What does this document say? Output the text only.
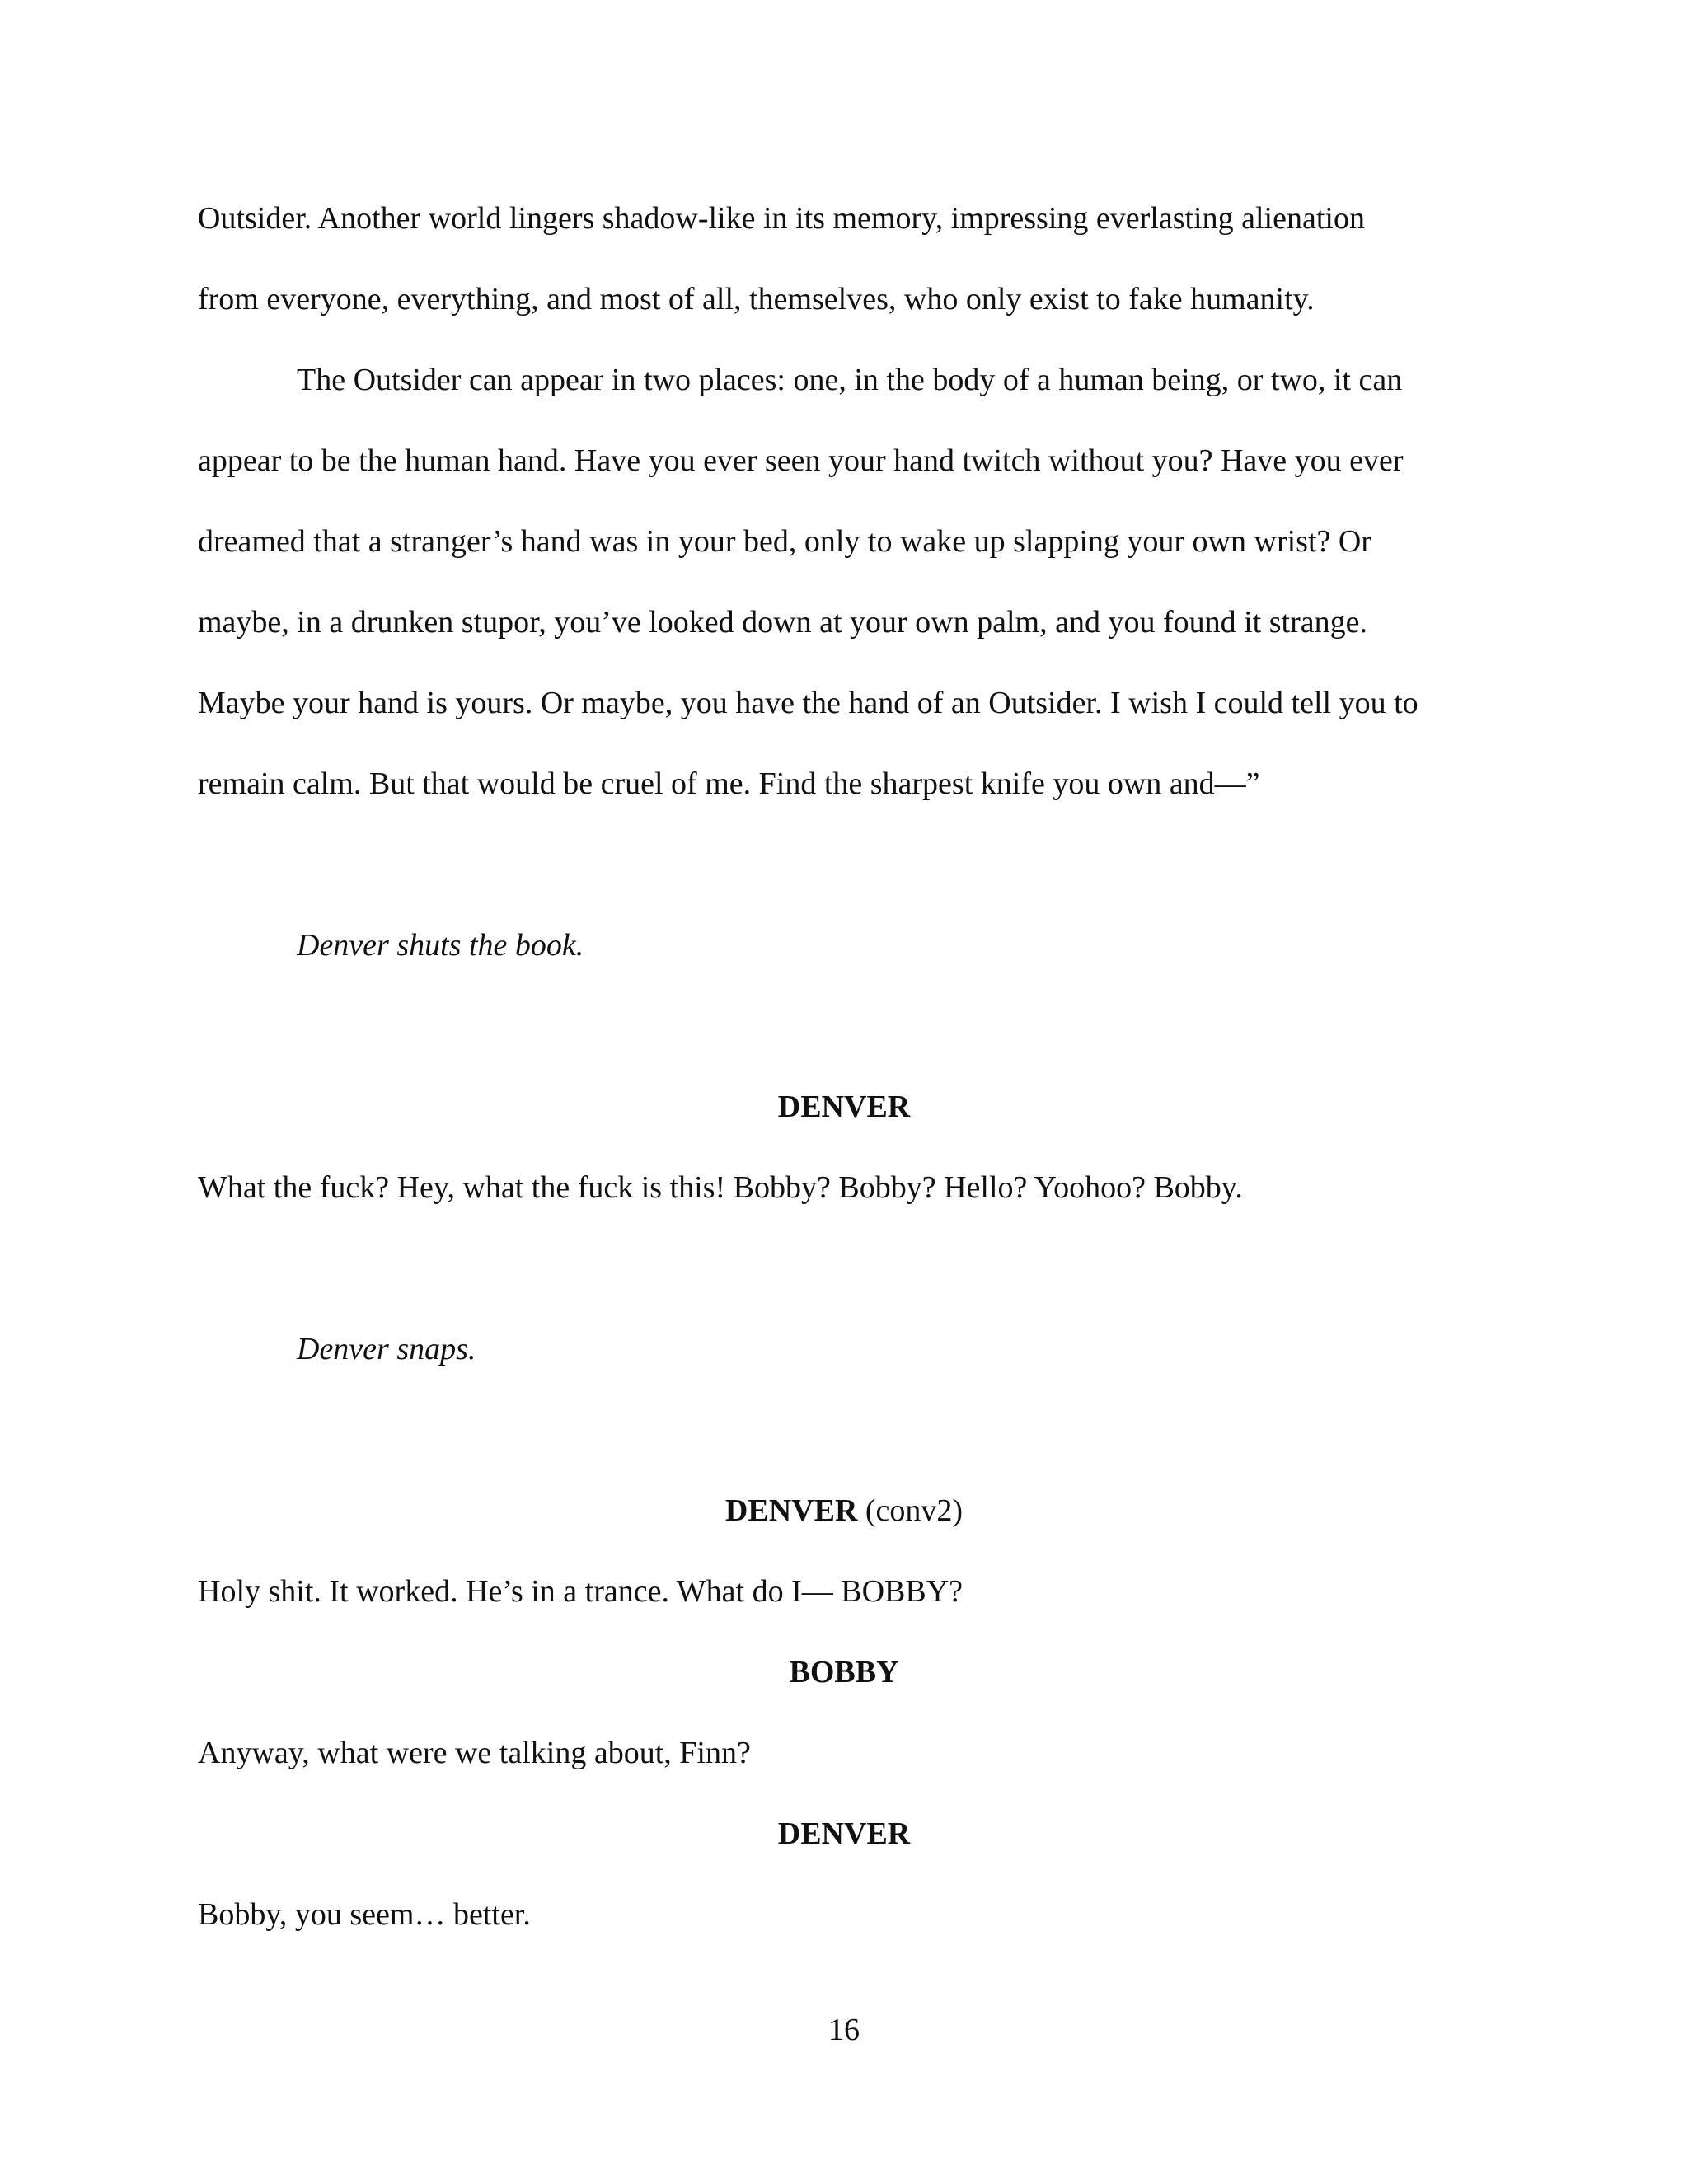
Outsider. Another world lingers shadow-like in its memory, impressing everlasting alienation
from everyone, everything, and most of all, themselves, who only exist to fake humanity.
The Outsider can appear in two places: one, in the body of a human being, or two, it can
appear to be the human hand. Have you ever seen your hand twitch without you? Have you ever
dreamed that a stranger’s hand was in your bed, only to wake up slapping your own wrist? Or
maybe, in a drunken stupor, you’ve looked down at your own palm, and you found it strange.
Maybe your hand is yours. Or maybe, you have the hand of an Outsider. I wish I could tell you to
remain calm. But that would be cruel of me. Find the sharpest knife you own and—”
Denver shuts the book.
DENVER
What the fuck? Hey, what the fuck is this! Bobby? Bobby? Hello? Yoohoo? Bobby.
Denver snaps.
DENVER (conv2)
Holy shit. It worked. He’s in a trance. What do I— BOBBY?
BOBBY
Anyway, what were we talking about, Finn?
DENVER
Bobby, you seem… better.
16
